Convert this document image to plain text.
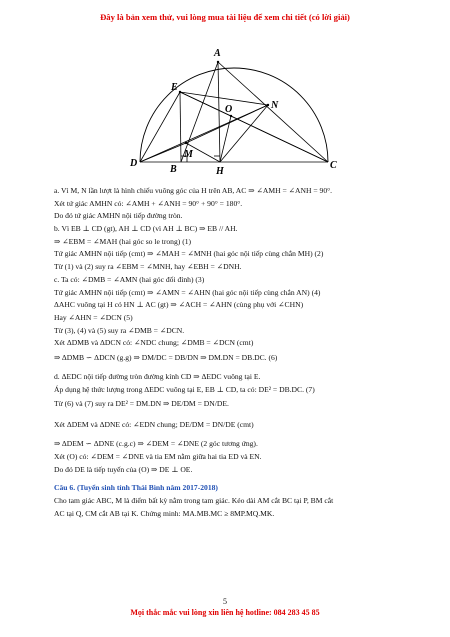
Đây là bản xem thử, vui lòng mua tài liệu để xem chi tiết (có lời giải)
A
E
O	N
M
D
B	H
C
a. Vì M, N lần lượt là hình chiếu vuông góc của H trên AB, AC ⇒ ∠AMH = ∠ANH = 90°.
Xét tứ giác AMHN có: ∠AMH + ∠ANH = 90° + 90° = 180°.
Do đó tứ giác AMHN nội tiếp đường tròn.
b. Vì EB ⊥ CD (gt), AH ⊥ CD (vì AH ⊥ BC) ⇒ EB // AH.
⇒ ∠EBM = ∠MAH (hai góc so le trong) (1)
Tứ giác AMHN nội tiếp (cmt) ⇒ ∠MAH = ∠MNH (hai góc nội tiếp cùng chắn MH) (2)
Từ (1) và (2) suy ra ∠EBM = ∠MNH, hay ∠EBH = ∠DNH.
c. Ta có: ∠DMB = ∠AMN (hai góc đối đỉnh) (3)
Tứ giác AMHN nội tiếp (cmt) ⇒ ∠AMN = ∠AHN (hai góc nội tiếp cùng chắn AN) (4)
ΔAHC vuông tại H có HN ⊥ AC (gt) ⇒ ∠ACH = ∠AHN (cùng phụ với ∠CHN)
Hay ∠AHN = ∠DCN (5)
Từ (3), (4) và (5) suy ra ∠DMB = ∠DCN.
Xét ΔDMB và ΔDCN có: ∠NDC chung; ∠DMB = ∠DCN (cmt)
⇒ ΔDMB ∽ ΔDCN (g.g) ⇒ DM/DC = DB/DN ⇒ DM.DN = DB.DC. (6)
d. ΔEDC nội tiếp đường tròn đường kính CD ⇒ ΔEDC vuông tại E.
Áp dụng hệ thức lượng trong ΔEDC vuông tại E, EB ⊥ CD, ta có: DE² = DB.DC. (7)
Từ (6) và (7) suy ra DE² = DM.DN ⇒ DE/DM = DN/DE.
Xét ΔDEM và ΔDNE có: ∠EDN chung; DE/DM = DN/DE (cmt)
⇒ ΔDEM ∽ ΔDNE (c.g.c) ⇒ ∠DEM = ∠DNE (2 góc tương ứng).
Xét (O) có: ∠DEM = ∠DNE và tia EM nằm giữa hai tia ED và EN.
Do đó DE là tiếp tuyến của (O) ⇒ DE ⊥ OE.
Câu 6. (Tuyển sinh tỉnh Thái Bình năm 2017-2018)
Cho tam giác ABC, M là điểm bất kỳ nằm trong tam giác. Kéo dài AM cắt BC tại P, BM cắt
AC tại Q, CM cắt AB tại K. Chứng minh: MA.MB.MC ≥ 8MP.MQ.MK.
5
Mọi thắc mắc vui lòng xin liên hệ hotline: 084 283 45 85
